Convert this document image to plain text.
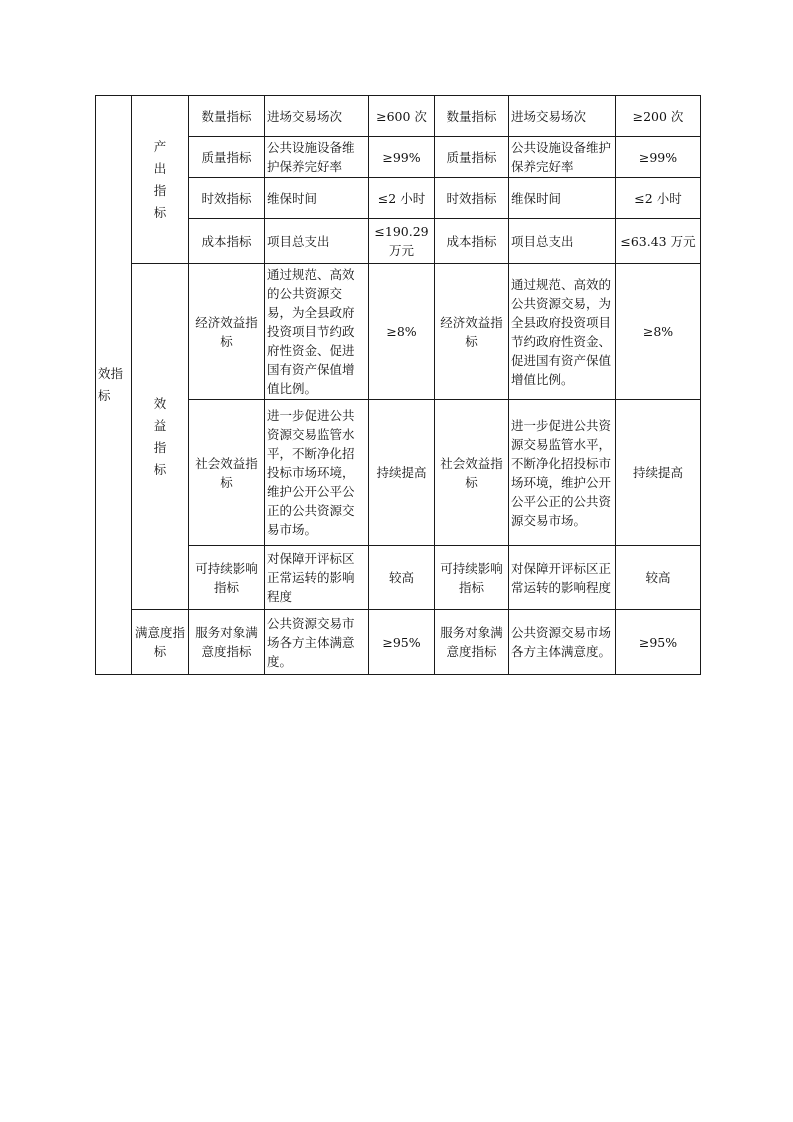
效指标	产出指标	数量指标	进场交易场次	≥600 次	数量指标	进场交易场次	≥200 次
		质量指标	公共设施设备维护保养完好率	≥99%	质量指标	公共设施设备维护保养完好率	≥99%
		时效指标	维保时间	≤2 小时	时效指标	维保时间	≤2 小时
		成本指标	项目总支出	≤190.29万元	成本指标	项目总支出	≤63.43 万元
	效益指标	经济效益指标	通过规范、高效的公共资源交易，为全县政府投资项目节约政府性资金、促进国有资产保值增值比例。	≥8%	经济效益指标	通过规范、高效的公共资源交易，为全县政府投资项目节约政府性资金、促进国有资产保值增值比例。	≥8%
		社会效益指标	进一步促进公共资源交易监管水平，不断净化招投标市场环境，维护公开公平公正的公共资源交易市场。	持续提高	社会效益指标	进一步促进公共资源交易监管水平，不断净化招投标市场环境，维护公开公平公正的公共资源交易市场。	持续提高
		可持续影响指标	对保障开评标区正常运转的影响程度	较高	可持续影响指标	对保障开评标区正常运转的影响程度	较高
	满意度指标	服务对象满意度指标	公共资源交易市场各方主体满意度。	≥95%	服务对象满意度指标	公共资源交易市场各方主体满意度。	≥95%
